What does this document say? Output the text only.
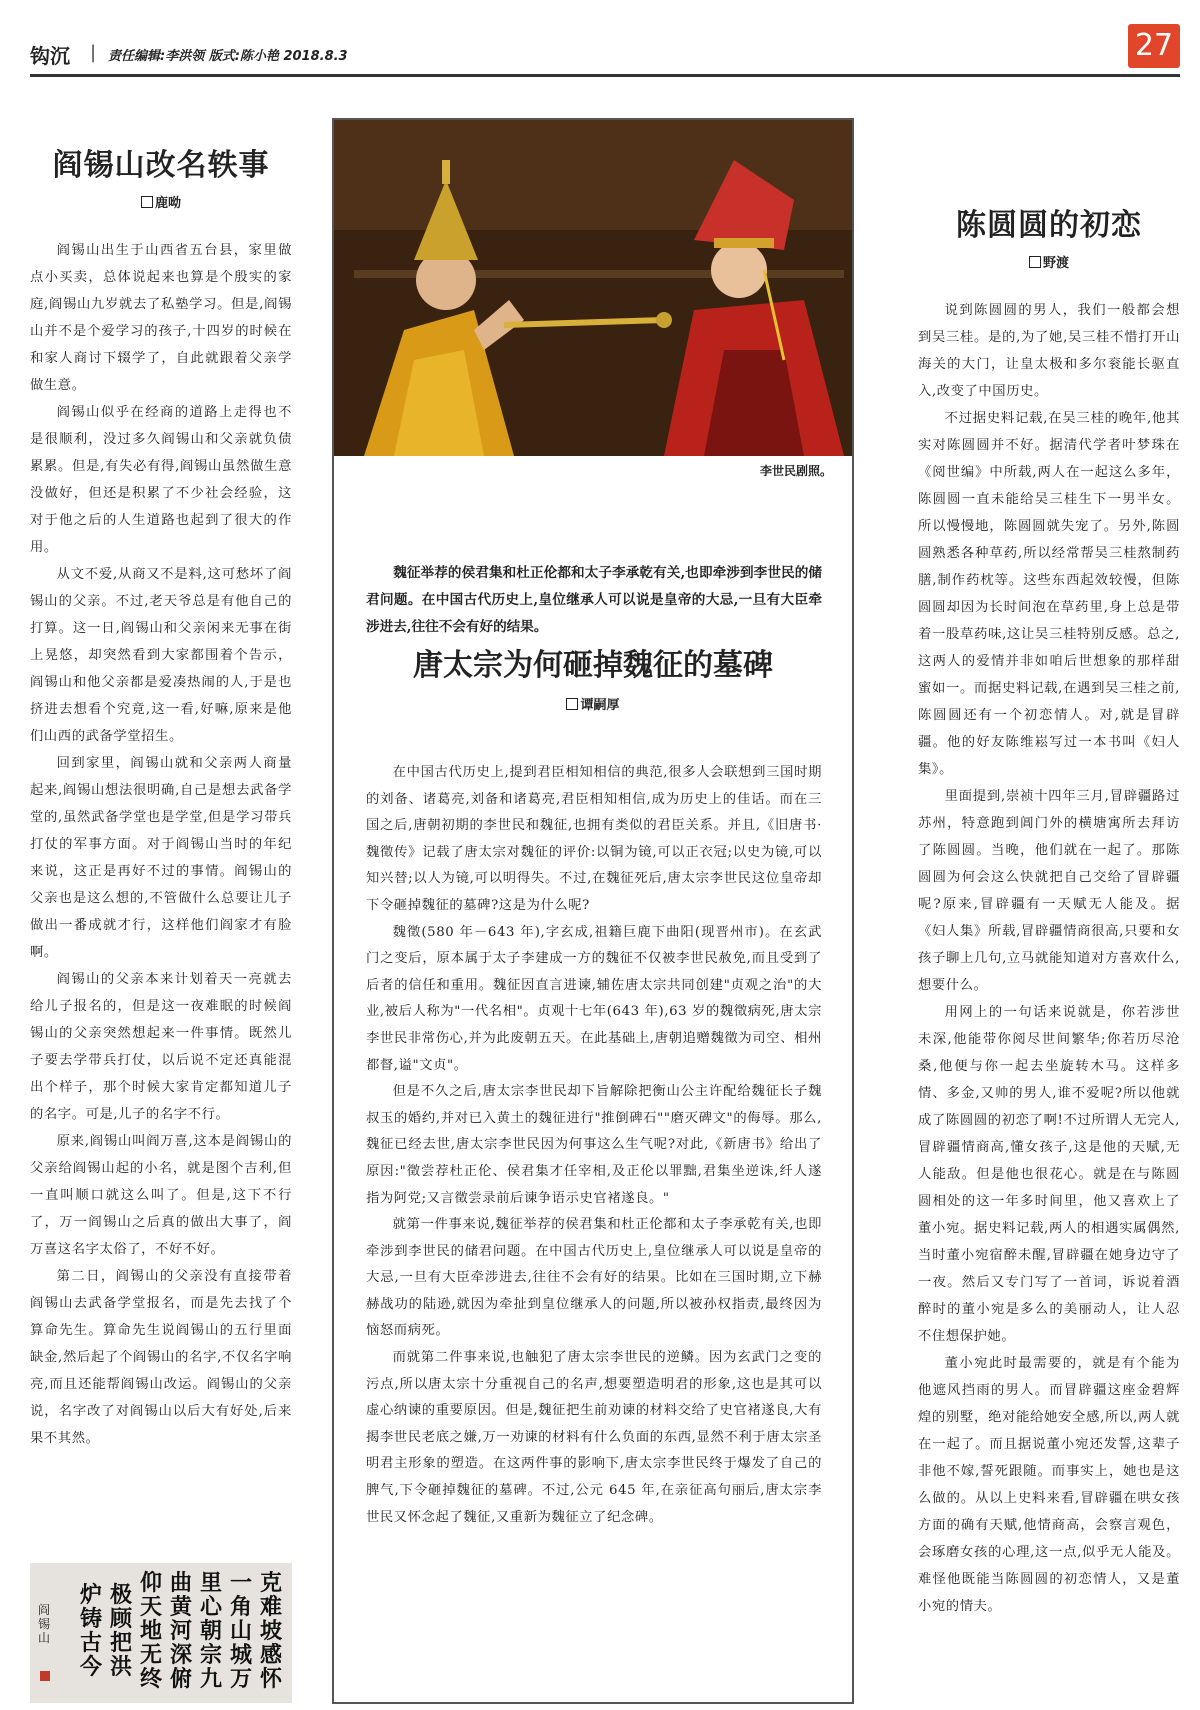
钩沉 | 责任编辑:李洪领 版式:陈小艳 2018.8.3	27
阎锡山改名轶事
鹿呦

阎锡山出生于山西省五台县，家里做点小买卖，总体说起来也算是个殷实的家庭,阎锡山九岁就去了私塾学习。但是,阎锡山并不是个爱学习的孩子,十四岁的时候在和家人商讨下辍学了，自此就跟着父亲学做生意。

阎锡山似乎在经商的道路上走得也不是很顺利，没过多久阎锡山和父亲就负债累累。但是,有失必有得,阎锡山虽然做生意没做好，但还是积累了不少社会经验，这对于他之后的人生道路也起到了很大的作用。

从文不爱,从商又不是料,这可愁坏了阎锡山的父亲。不过,老天爷总是有他自己的打算。这一日,阎锡山和父亲闲来无事在街上晃悠，却突然看到大家都围着个告示，阎锡山和他父亲都是爱凑热闹的人,于是也挤进去想看个究竟,这一看,好嘛,原来是他们山西的武备学堂招生。

回到家里，阎锡山就和父亲两人商量起来,阎锡山想法很明确,自己是想去武备学堂的,虽然武备学堂也是学堂,但是学习带兵打仗的军事方面。对于阎锡山当时的年纪来说，这正是再好不过的事情。阎锡山的父亲也是这么想的,不管做什么总要让儿子做出一番成就才行，这样他们阎家才有脸啊。

阎锡山的父亲本来计划着天一亮就去给儿子报名的，但是这一夜难眠的时候阎锡山的父亲突然想起来一件事情。既然儿子要去学带兵打仗，以后说不定还真能混出个样子，那个时候大家肯定都知道儿子的名字。可是,儿子的名字不行。

原来,阎锡山叫阎万喜,这本是阎锡山的父亲给阎锡山起的小名，就是图个吉利,但一直叫顺口就这么叫了。但是,这下不行了，万一阎锡山之后真的做出大事了，阎万喜这名字太俗了，不好不好。

第二日，阎锡山的父亲没有直接带着阎锡山去武备学堂报名，而是先去找了个算命先生。算命先生说阎锡山的五行里面缺金,然后起了个阎锡山的名字,不仅名字响亮,而且还能帮阎锡山改运。阎锡山的父亲说，名字改了对阎锡山以后大有好处,后来果不其然。

克难坡感怀
一角山城万
里心朝宗九
曲黄河深俯
仰天地无终
极顾把洪
炉铸古今
阎锡山
李世民剧照。

魏征举荐的侯君集和杜正伦都和太子李承乾有关,也即牵涉到李世民的储君问题。在中国古代历史上,皇位继承人可以说是皇帝的大忌,一旦有大臣牵涉进去,往往不会有好的结果。

唐太宗为何砸掉魏征的墓碑
谭嗣厚

在中国古代历史上,提到君臣相知相信的典范,很多人会联想到三国时期的刘备、诸葛亮,刘备和诸葛亮,君臣相知相信,成为历史上的佳话。而在三国之后,唐朝初期的李世民和魏征,也拥有类似的君臣关系。并且,《旧唐书·魏徵传》记载了唐太宗对魏征的评价:以铜为镜,可以正衣冠;以史为镜,可以知兴替;以人为镜,可以明得失。不过,在魏征死后,唐太宗李世民这位皇帝却下令砸掉魏征的墓碑?这是为什么呢?

魏徵(580 年－643 年),字玄成,祖籍巨鹿下曲阳(现晋州市)。在玄武门之变后，原本属于太子李建成一方的魏征不仅被李世民赦免,而且受到了后者的信任和重用。魏征因直言进谏,辅佐唐太宗共同创建"贞观之治"的大业,被后人称为"一代名相"。贞观十七年(643 年),63 岁的魏徵病死,唐太宗李世民非常伤心,并为此废朝五天。在此基础上,唐朝追赠魏徵为司空、相州都督,谥"文贞"。

但是不久之后,唐太宗李世民却下旨解除把衡山公主许配给魏征长子魏叔玉的婚约,并对已入黄土的魏征进行"推倒碑石""磨灭碑文"的侮辱。那么,魏征已经去世,唐太宗李世民因为何事这么生气呢?对此,《新唐书》给出了原因:"徵尝荐杜正伦、侯君集才任宰相,及正伦以罪黜,君集坐逆诛,纤人遂指为阿党;又言徵尝录前后谏争语示史官褚遂良。"

就第一件事来说,魏征举荐的侯君集和杜正伦都和太子李承乾有关,也即牵涉到李世民的储君问题。在中国古代历史上,皇位继承人可以说是皇帝的大忌,一旦有大臣牵涉进去,往往不会有好的结果。比如在三国时期,立下赫赫战功的陆逊,就因为牵扯到皇位继承人的问题,所以被孙权指责,最终因为恼怒而病死。

而就第二件事来说,也触犯了唐太宗李世民的逆鳞。因为玄武门之变的污点,所以唐太宗十分重视自己的名声,想要塑造明君的形象,这也是其可以虚心纳谏的重要原因。但是,魏征把生前劝谏的材料交给了史官褚遂良,大有揭李世民老底之嫌,万一劝谏的材料有什么负面的东西,显然不利于唐太宗圣明君主形象的塑造。在这两件事的影响下,唐太宗李世民终于爆发了自己的脾气,下令砸掉魏征的墓碑。不过,公元 645 年,在亲征高句丽后,唐太宗李世民又怀念起了魏征,又重新为魏征立了纪念碑。

陈圆圆的初恋
野渡

说到陈圆圆的男人，我们一般都会想到吴三桂。是的,为了她,吴三桂不惜打开山海关的大门，让皇太极和多尔衮能长驱直入,改变了中国历史。

不过据史料记载,在吴三桂的晚年,他其实对陈圆圆并不好。据清代学者叶梦珠在《阅世编》中所载,两人在一起这么多年，陈圆圆一直未能给吴三桂生下一男半女。所以慢慢地，陈圆圆就失宠了。另外,陈圆圆熟悉各种草药,所以经常帮吴三桂熬制药膳,制作药枕等。这些东西起效较慢，但陈圆圆却因为长时间泡在草药里,身上总是带着一股草药味,这让吴三桂特别反感。总之,这两人的爱情并非如咱后世想象的那样甜蜜如一。而据史料记载,在遇到吴三桂之前,陈圆圆还有一个初恋情人。对,就是冒辟疆。他的好友陈维崧写过一本书叫《妇人集》。

里面提到,崇祯十四年三月,冒辟疆路过苏州，特意跑到阊门外的横塘寓所去拜访了陈圆圆。当晚，他们就在一起了。那陈圆圆为何会这么快就把自己交给了冒辟疆呢?原来,冒辟疆有一天赋无人能及。据《妇人集》所载,冒辟疆情商很高,只要和女孩子聊上几句,立马就能知道对方喜欢什么,想要什么。

用网上的一句话来说就是，你若涉世未深,他能带你阅尽世间繁华;你若历尽沧桑,他便与你一起去坐旋转木马。这样多情、多金,又帅的男人,谁不爱呢?所以他就成了陈圆圆的初恋了啊!不过所谓人无完人,冒辟疆情商高,懂女孩子,这是他的天赋,无人能敌。但是他也很花心。就是在与陈圆圆相处的这一年多时间里，他又喜欢上了董小宛。据史料记载,两人的相遇实属偶然,当时董小宛宿醉未醒,冒辟疆在她身边守了一夜。然后又专门写了一首词，诉说着酒醉时的董小宛是多么的美丽动人，让人忍不住想保护她。

董小宛此时最需要的，就是有个能为他遮风挡雨的男人。而冒辟疆这座金碧辉煌的别墅，绝对能给她安全感,所以,两人就在一起了。而且据说董小宛还发誓,这辈子非他不嫁,誓死跟随。而事实上，她也是这么做的。从以上史料来看,冒辟疆在哄女孩方面的确有天赋,他情商高，会察言观色，会琢磨女孩的心理,这一点,似乎无人能及。难怪他既能当陈圆圆的初恋情人，又是董小宛的情夫。
